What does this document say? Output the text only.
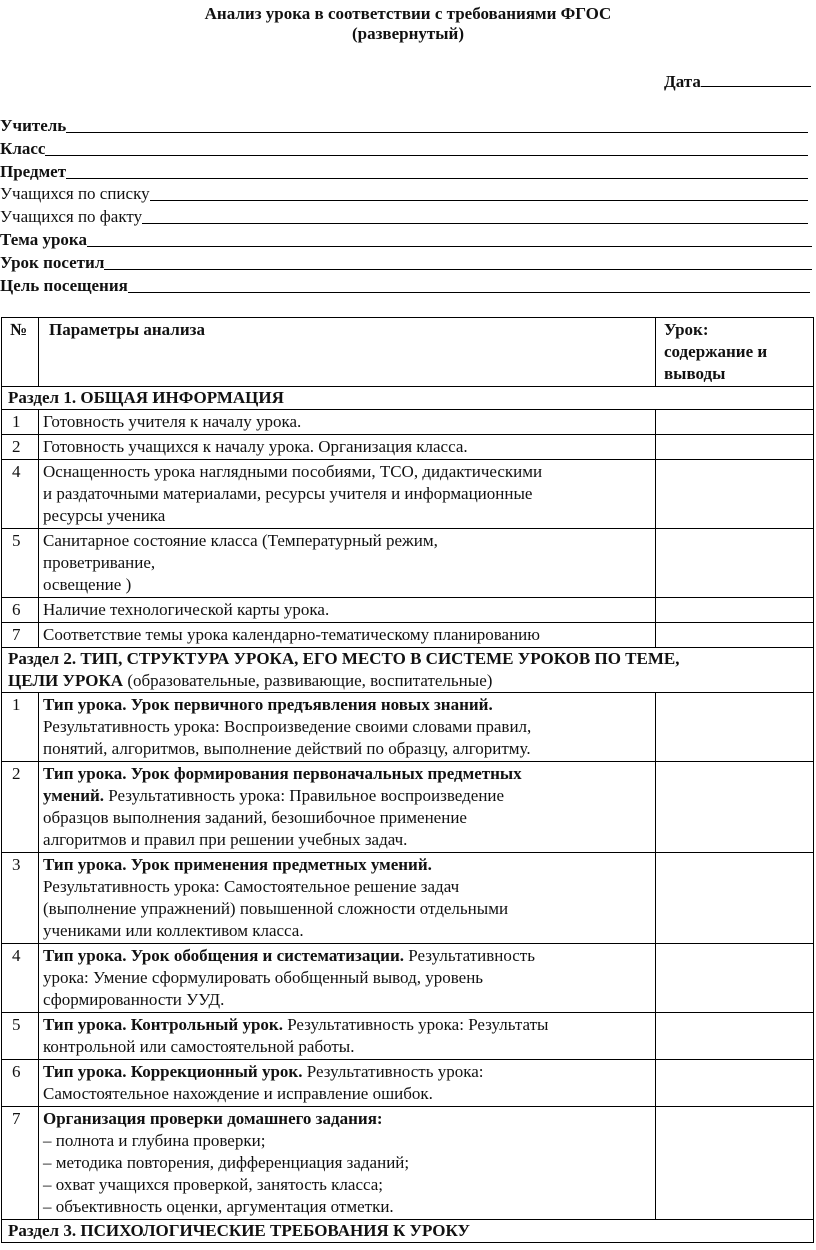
Анализ урока в соответствии с требованиями ФГОС
(развернутый)
Дата
Учитель
Класс
Предмет
Учащихся по списку
Учащихся по факту
Тема урока
Урок посетил
Цель посещения
№	Параметры анализа	Урок:
содержание и
выводы

Раздел 1. ОБЩАЯ ИНФОРМАЦИЯ		
1	Готовность учителя к началу урока.	
2	Готовность учащихся к началу урока. Организация класса.	
4	Оснащенность урока наглядными пособиями, ТСО, дидактическими
и раздаточными материалами, ресурсы учителя и информационные
ресурсы ученика	

5	Санитарное состояние класса (Температурный режим,
проветривание,
освещение )	

6	Наличие технологической карты урока.	
7	Соответствие темы урока календарно-тематическому планированию	

Раздел 2. ТИП, СТРУКТУРА УРОКА, ЕГО МЕСТО В СИСТЕМЕ УРОКОВ ПО ТЕМЕ,
ЦЕЛИ УРОКА (образовательные, развивающие, воспитательные)		

1	Тип урока. Урок первичного предъявления новых знаний.
Результативность урока: Воспроизведение своими словами правил,
понятий, алгоритмов, выполнение действий по образцу, алгоритму.	

2	Тип урока. Урок формирования первоначальных предметных
умений. Результативность урока: Правильное воспроизведение
образцов выполнения заданий, безошибочное применение
алгоритмов и правил при решении учебных задач.	

3	Тип урока. Урок применения предметных умений.
Результативность урока: Самостоятельное решение задач
(выполнение упражнений) повышенной сложности отдельными
учениками или коллективом класса.	

4	Тип урока. Урок обобщения и систематизации. Результативность
урока: Умение сформулировать обобщенный вывод, уровень
сформированности УУД.	

5	Тип урока. Контрольный урок. Результативность урока: Результаты
контрольной или самостоятельной работы.	

6	Тип урока. Коррекционный урок. Результативность урока:
Самостоятельное нахождение и исправление ошибок.	

7	Организация проверки домашнего задания:
– полнота и глубина проверки;
– методика повторения, дифференциация заданий;
– охват учащихся проверкой, занятость класса;
– объективность оценки, аргументация отметки.	

Раздел 3. ПСИХОЛОГИЧЕСКИЕ ТРЕБОВАНИЯ К УРОКУ		
